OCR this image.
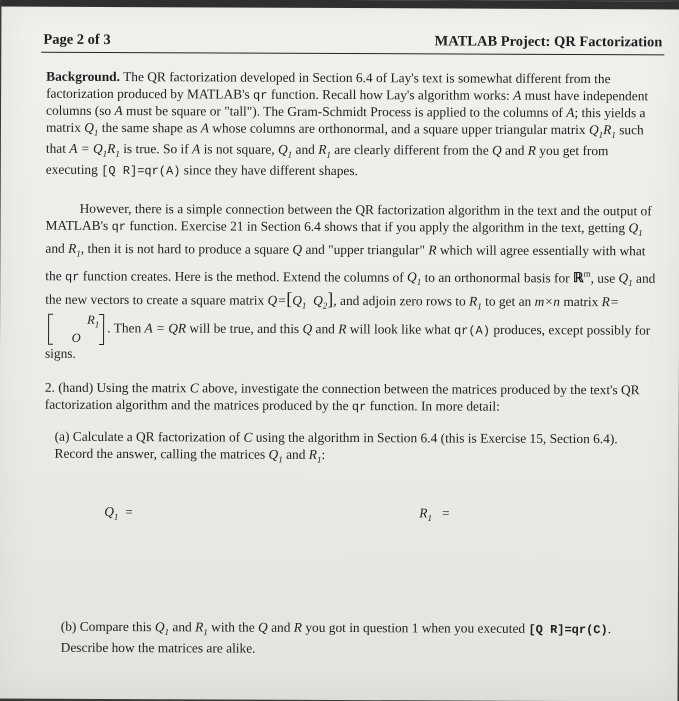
Page 2 of 3	MATLAB Project: QR Factorization
Background. The QR factorization developed in Section 6.4 of Lay's text is somewhat different from the factorization produced by MATLAB's qr function. Recall how Lay's algorithm works: A must have independent columns (so A must be square or "tall"). The Gram-Schmidt Process is applied to the columns of A; this yields a matrix $Q_1$ the same shape as A whose columns are orthonormal, and a square upper triangular matrix $Q_1R_1$ such that $A = Q_1R_1$ is true. So if A is not square, $Q_1$ and $R_1$ are clearly different from the Q and R you get from executing [Q R]=qr(A) since they have different shapes.
However, there is a simple connection between the QR factorization algorithm in the text and the output of MATLAB's qr function. Exercise 21 in Section 6.4 shows that if you apply the algorithm in the text, getting $Q_1$ and $R_1$, then it is not hard to produce a square Q and "upper triangular" R which will agree essentially with what the qr function creates. Here is the method. Extend the columns of $Q_1$ to an orthonormal basis for ℝ$^m$, use $Q_1$ and the new vectors to create a square matrix $Q=[Q_1$ $Q_2$], and adjoin zero rows to $R_1$ to get an m×n matrix $R=R_1$
O. Then A = QR will be true, and this Q and R will look like what qr(A) produces, except possibly for signs.
2. (hand) Using the matrix C above, investigate the connection between the matrices produced by the text's QR factorization algorithm and the matrices produced by the qr function. In more detail:
(a) Calculate a QR factorization of C using the algorithm in Section 6.4 (this is Exercise 15, Section 6.4). Record the answer, calling the matrices $Q_1$ and $R_1$:
$Q_1$ =	$R_1$ =
(b) Compare this $Q_1$ and $R_1$ with the Q and R you got in question 1 when you executed [Q R]=qr(C). Describe how the matrices are alike.
